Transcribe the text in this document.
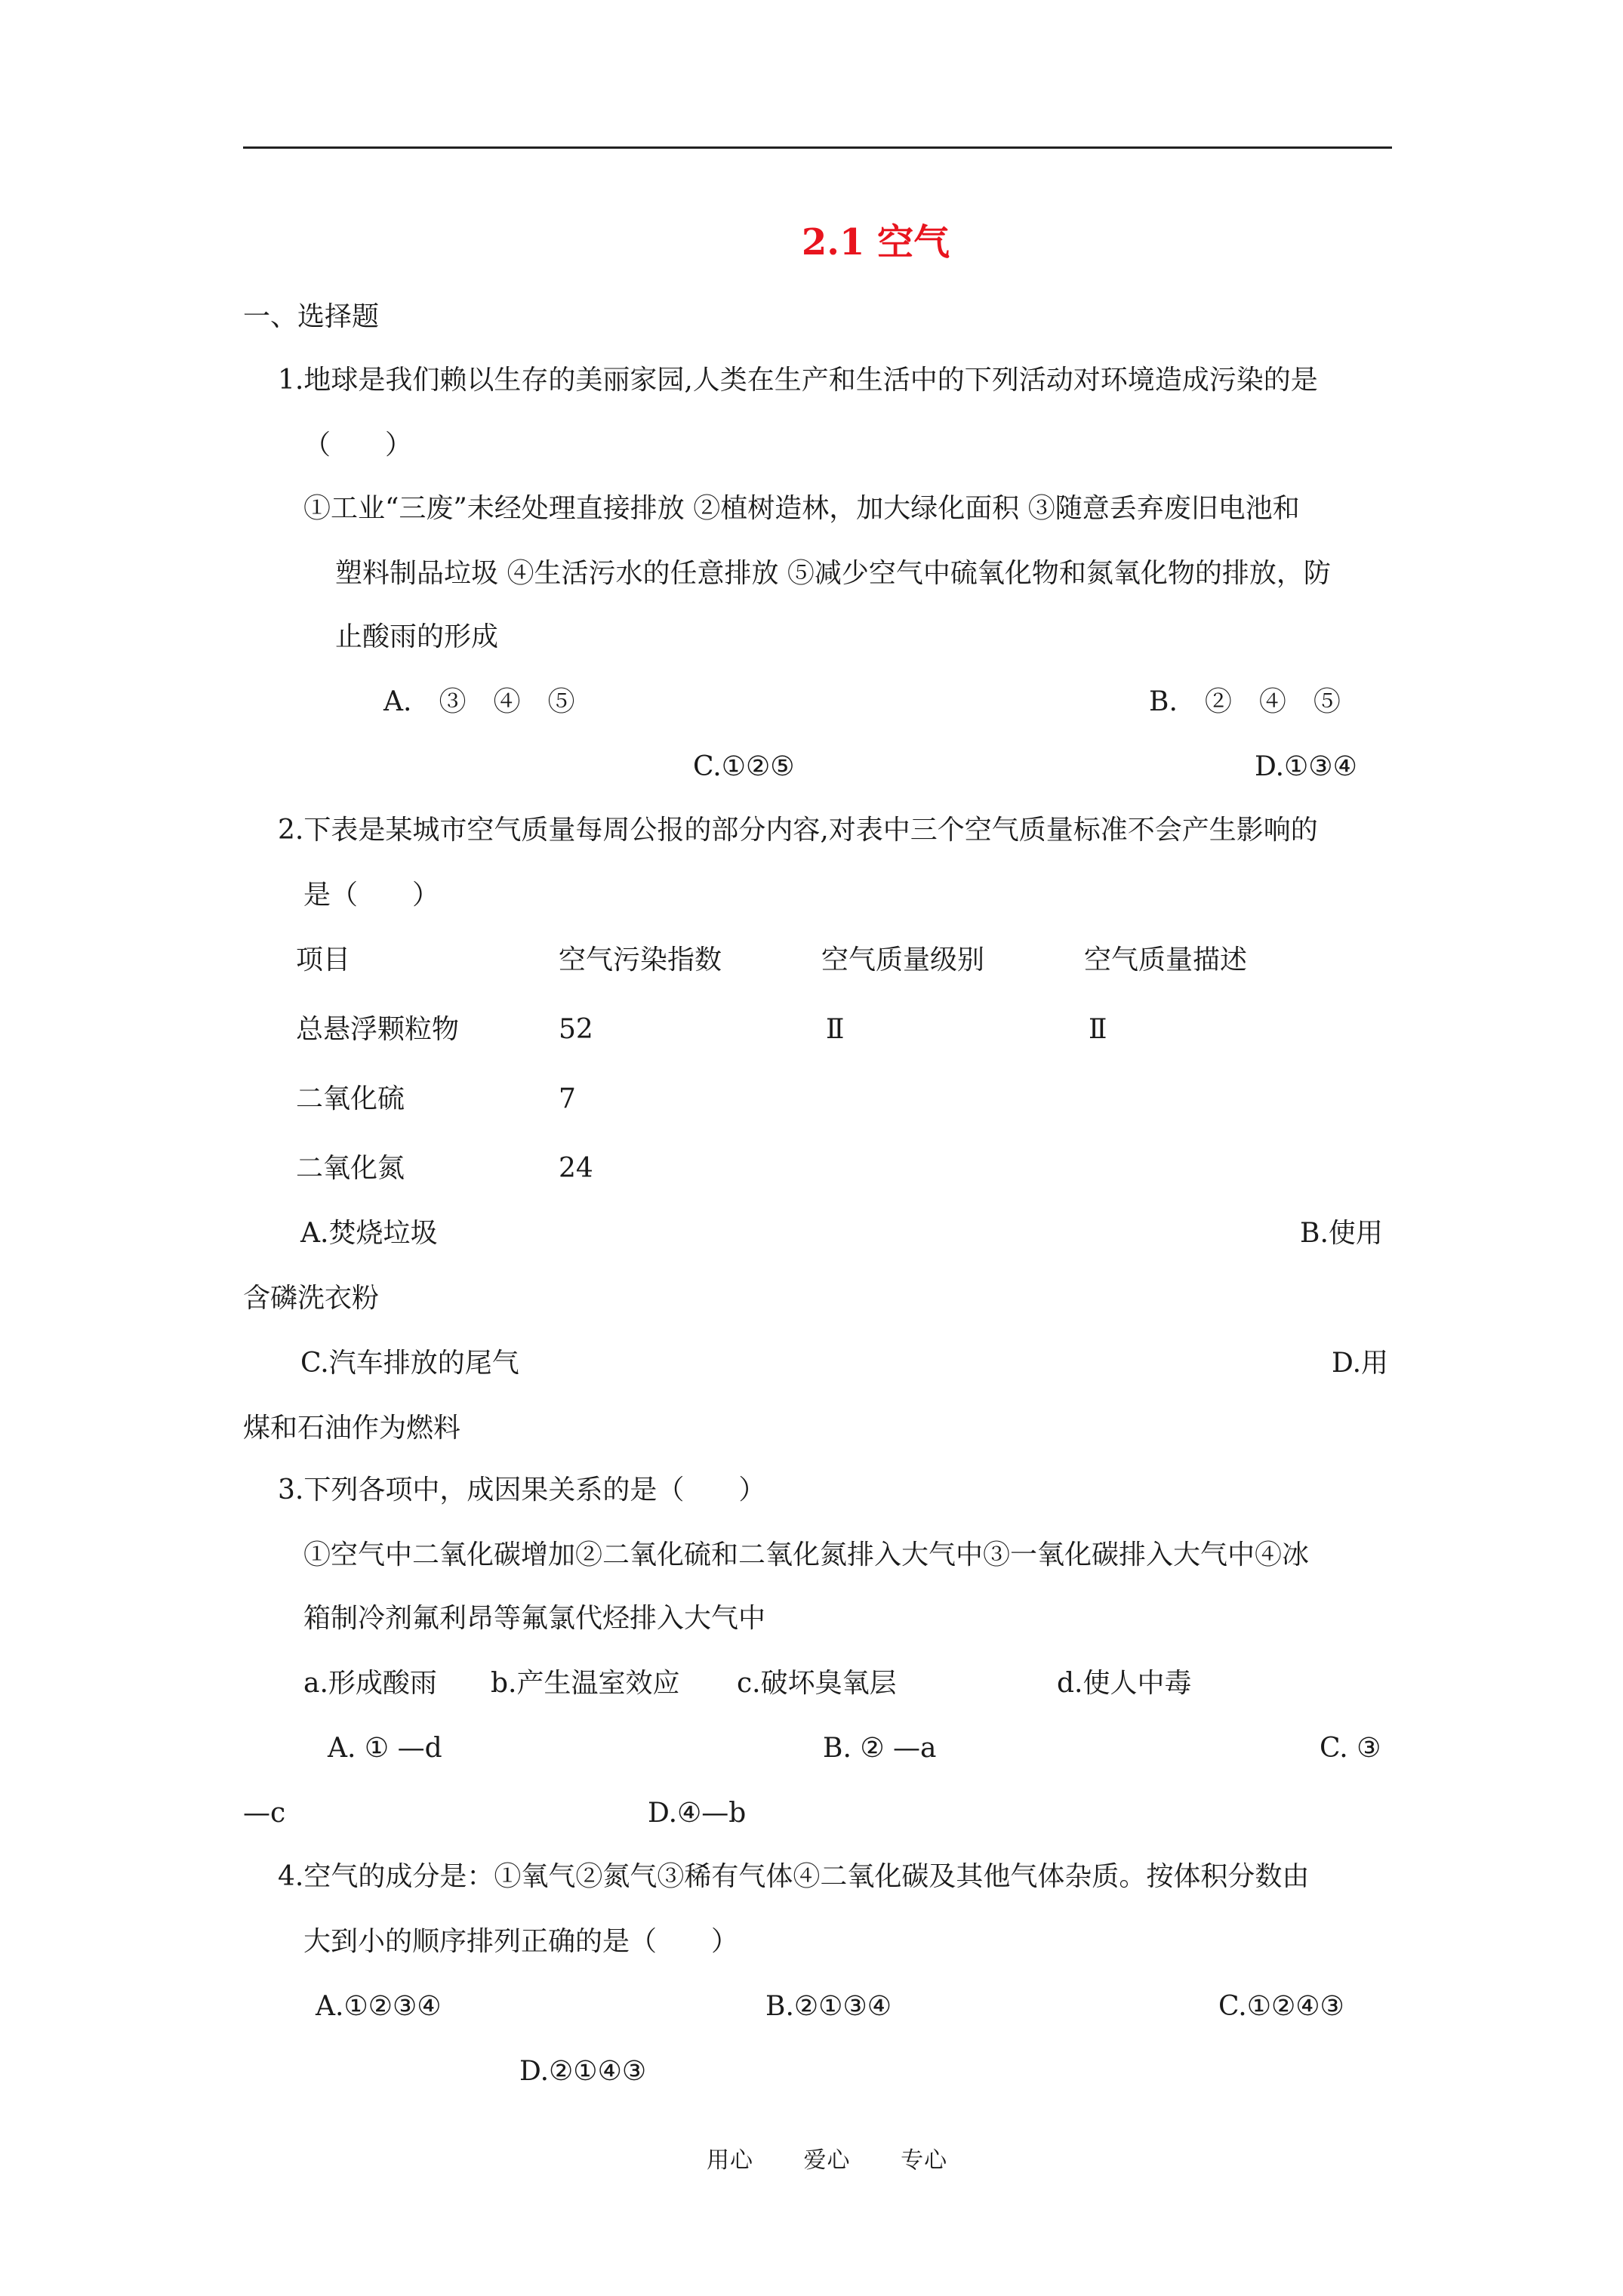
2.1 空气
一、选择题
1.地球是我们赖以生存的美丽家园,人类在生产和生活中的下列活动对环境造成污染的是
（　　）
①工业“三废”未经处理直接排放 ②植树造林，加大绿化面积 ③随意丢弃废旧电池和
塑料制品垃圾 ④生活污水的任意排放 ⑤减少空气中硫氧化物和氮氧化物的排放，防
止酸雨的形成
A.　③　④　⑤	B.　②　④　⑤
C.①②⑤	D.①③④
2.下表是某城市空气质量每周公报的部分内容,对表中三个空气质量标准不会产生影响的
是（　　）
项目	空气污染指数	空气质量级别	空气质量描述
总悬浮颗粒物	52	Ⅱ	Ⅱ
二氧化硫	7
二氧化氮	24
A.焚烧垃圾	B.使用
含磷洗衣粉
C.汽车排放的尾气	D.用
煤和石油作为燃料
3.下列各项中，成因果关系的是（　　）
①空气中二氧化碳增加②二氧化硫和二氧化氮排入大气中③一氧化碳排入大气中④冰
箱制冷剂氟利昂等氟氯代烃排入大气中
a.形成酸雨 b.产生温室效应 c.破坏臭氧层	d.使人中毒
A. ① —d	B. ② —a	C. ③
—c	D.④—b
4.空气的成分是：①氧气②氮气③稀有气体④二氧化碳及其他气体杂质。按体积分数由
大到小的顺序排列正确的是（　　）
A.①②③④	B.②①③④	C.①②④③
D.②①④③
用心 爱心 专心
